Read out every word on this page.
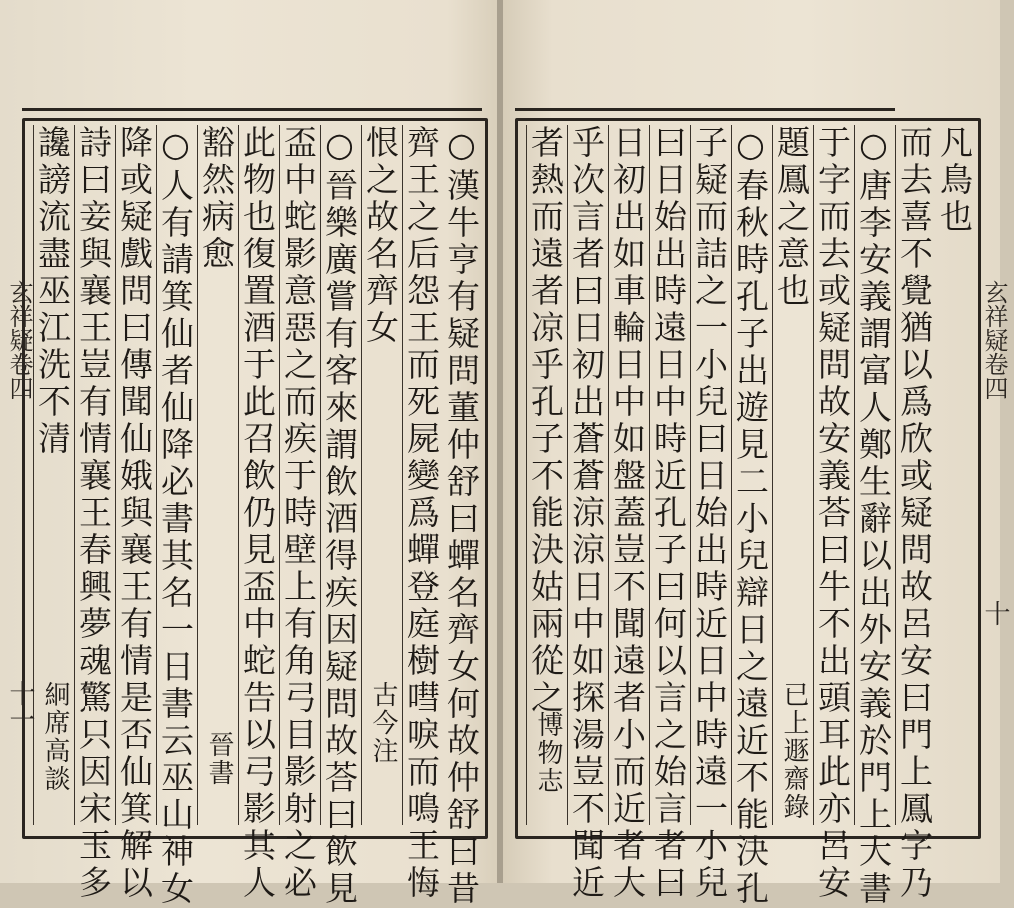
玄祥疑卷四	○漢牛亨有疑問董仲舒曰蟬名齊女何故仲舒曰昔
齊王之后怨王而死屍變爲蟬登庭樹嘒唳而鳴王悔
恨之故名齊女
○晉樂廣嘗有客來謂飲酒得疾因疑問故荅曰飲見
盃中蛇影意惡之而疾于時壁上有角弓目影射之必
此物也復置酒于此召飲仍見盃中蛇告以弓影其人
豁然病愈
○人有請箕仙者仙降必書其名一日書云巫山神女
降或疑戲問曰傳聞仙娥與襄王有情是否仙箕解以
詩曰妾與襄王豈有情襄王春興夢魂驚只因宋玉多
讒謗流盡巫江洗不清
古今注
晉書
絅席高談
十一
凡鳥也
而去喜不覺猶以爲欣或疑問故呂安曰門上鳳字乃
○唐李安義謂富人鄭生辭以出外安義於門上大書
于字而去或疑問故安義荅曰牛不出頭耳此亦呂安
題鳳之意也
○春秋時孔子出遊見二小兒辯日之遠近不能決孔
子疑而詰之一小兒曰日始出時近日中時遠一小兒
曰日始出時遠日中時近孔子曰何以言之始言者曰
日初出如車輪日中如盤蓋豈不聞遠者小而近者大
乎次言者曰日初出蒼蒼涼涼日中如探湯豈不聞近
者熱而遠者凉乎孔子不能決姑兩從之
已上遯齋錄
博物志
玄祥疑卷四
十
